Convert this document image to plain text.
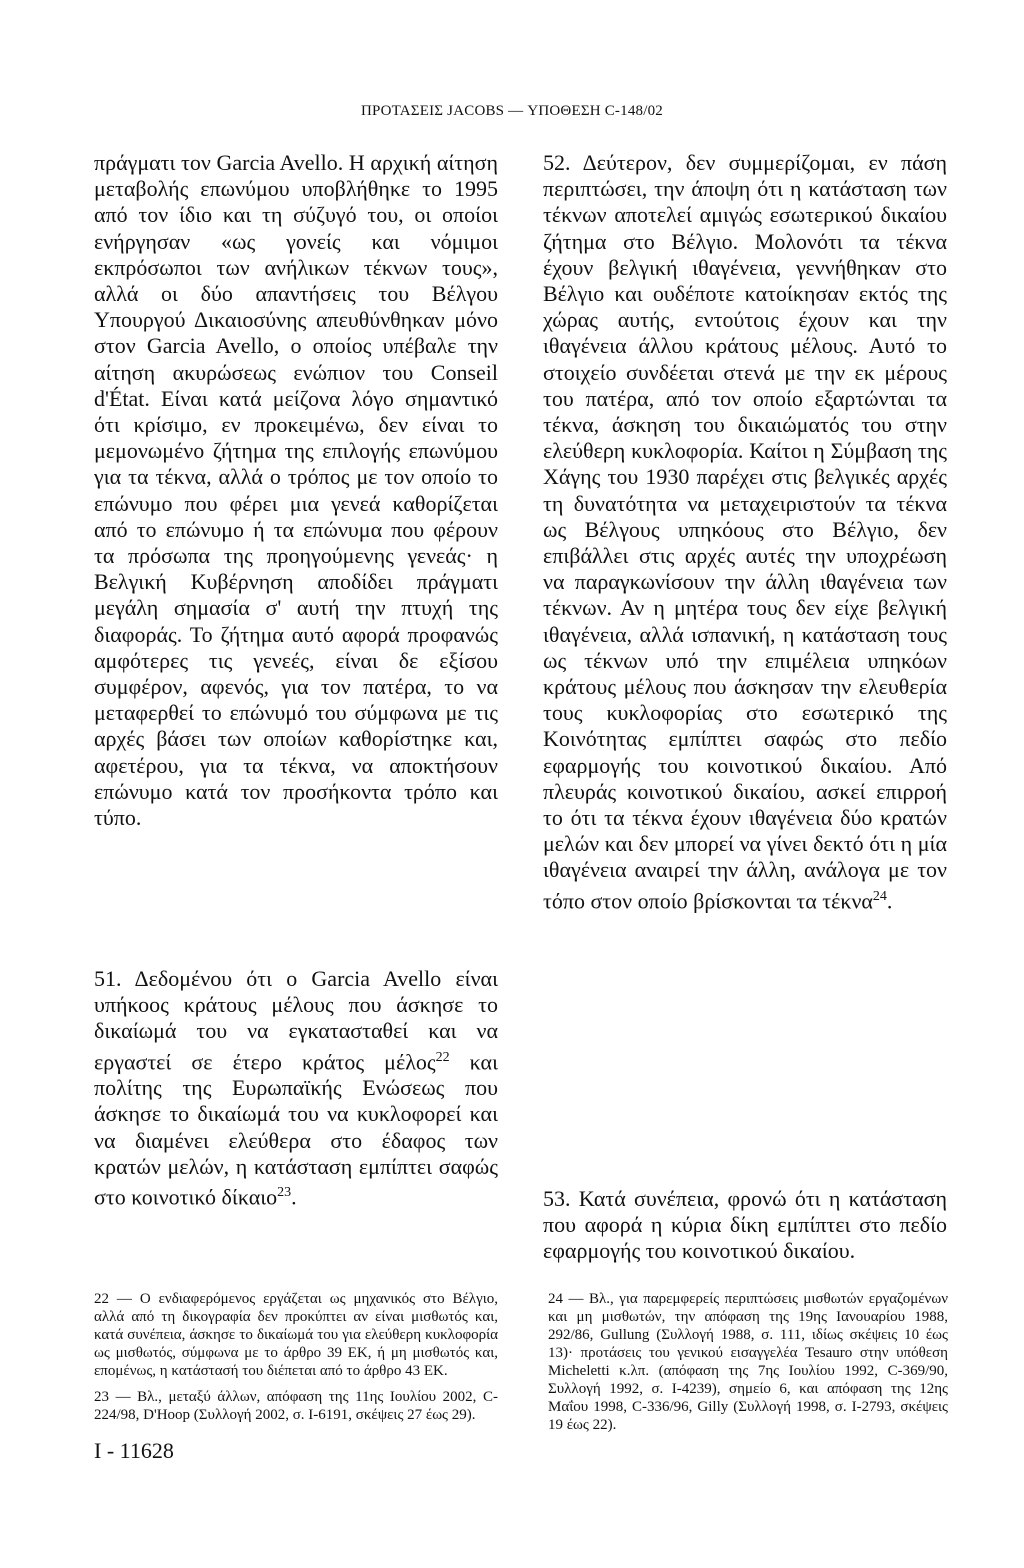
ΠΡΟΤΑΣΕΙΣ JACOBS — ΥΠΟΘΕΣΗ C-148/02

πράγματι τον Garcia Avello. Η αρχική αίτηση μεταβολής επωνύμου υποβλήθηκε το 1995 από τον ίδιο και τη σύζυγό του, οι οποίοι ενήργησαν «ως γονείς και νόμιμοι εκπρόσωποι των ανήλικων τέκνων τους», αλλά οι δύο απαντήσεις του Βέλγου Υπουργού Δικαιοσύνης απευθύνθηκαν μόνο στον Garcia Avello, ο οποίος υπέβαλε την αίτηση ακυρώσεως ενώπιον του Conseil d'État. Είναι κατά μείζονα λόγο σημαντικό ότι κρίσιμο, εν προκειμένω, δεν είναι το μεμονωμένο ζήτημα της επιλογής επωνύμου για τα τέκνα, αλλά ο τρόπος με τον οποίο το επώνυμο που φέρει μια γενεά καθορίζεται από το επώνυμο ή τα επώνυμα που φέρουν τα πρόσωπα της προηγούμενης γενεάς· η Βελγική Κυβέρνηση αποδίδει πράγματι μεγάλη σημασία σ' αυτή την πτυχή της διαφοράς. Το ζήτημα αυτό αφορά προφανώς αμφότερες τις γενεές, είναι δε εξίσου συμφέρον, αφενός, για τον πατέρα, το να μεταφερθεί το επώνυμό του σύμφωνα με τις αρχές βάσει των οποίων καθορίστηκε και, αφετέρου, για τα τέκνα, να αποκτήσουν επώνυμο κατά τον προσήκοντα τρόπο και τύπο.

51. Δεδομένου ότι ο Garcia Avello είναι υπήκοος κράτους μέλους που άσκησε το δικαίωμά του να εγκατασταθεί και να εργαστεί σε έτερο κράτος μέλος$^{22}$ και πολίτης της Ευρωπαϊκής Ενώσεως που άσκησε το δικαίωμά του να κυκλοφορεί και να διαμένει ελεύθερα στο έδαφος των κρατών μελών, η κατάσταση εμπίπτει σαφώς στο κοινοτικό δίκαιο$^{23}$.

52. Δεύτερον, δεν συμμερίζομαι, εν πάση περιπτώσει, την άποψη ότι η κατάσταση των τέκνων αποτελεί αμιγώς εσωτερικού δικαίου ζήτημα στο Βέλγιο. Μολονότι τα τέκνα έχουν βελγική ιθαγένεια, γεννήθηκαν στο Βέλγιο και ουδέποτε κατοίκησαν εκτός της χώρας αυτής, εντούτοις έχουν και την ιθαγένεια άλλου κράτους μέλους. Αυτό το στοιχείο συνδέεται στενά με την εκ μέρους του πατέρα, από τον οποίο εξαρτώνται τα τέκνα, άσκηση του δικαιώματός του στην ελεύθερη κυκλοφορία. Καίτοι η Σύμβαση της Χάγης του 1930 παρέχει στις βελγικές αρχές τη δυνατότητα να μεταχειριστούν τα τέκνα ως Βέλγους υπηκόους στο Βέλγιο, δεν επιβάλλει στις αρχές αυτές την υποχρέωση να παραγκωνίσουν την άλλη ιθαγένεια των τέκνων. Αν η μητέρα τους δεν είχε βελγική ιθαγένεια, αλλά ισπανική, η κατάσταση τους ως τέκνων υπό την επιμέλεια υπηκόων κράτους μέλους που άσκησαν την ελευθερία τους κυκλοφορίας στο εσωτερικό της Κοινότητας εμπίπτει σαφώς στο πεδίο εφαρμογής του κοινοτικού δικαίου. Από πλευράς κοινοτικού δικαίου, ασκεί επιρροή το ότι τα τέκνα έχουν ιθαγένεια δύο κρατών μελών και δεν μπορεί να γίνει δεκτό ότι η μία ιθαγένεια αναιρεί την άλλη, ανάλογα με τον τόπο στον οποίο βρίσκονται τα τέκνα$^{24}$.

53. Κατά συνέπεια, φρονώ ότι η κατάσταση που αφορά η κύρια δίκη εμπίπτει στο πεδίο εφαρμογής του κοινοτικού δικαίου.

22 — Ο ενδιαφερόμενος εργάζεται ως μηχανικός στο Βέλγιο, αλλά από τη δικογραφία δεν προκύπτει αν είναι μισθωτός και, κατά συνέπεια, άσκησε το δικαίωμά του για ελεύθερη κυκλοφορία ως μισθωτός, σύμφωνα με το άρθρο 39 ΕΚ, ή μη μισθωτός και, επομένως, η κατάστασή του διέπεται από το άρθρο 43 ΕΚ.
23 — Βλ., μεταξύ άλλων, απόφαση της 11ης Ιουλίου 2002, C-224/98, D'Hoop (Συλλογή 2002, σ. I-6191, σκέψεις 27 έως 29).
24 — Βλ., για παρεμφερείς περιπτώσεις μισθωτών εργαζομένων και μη μισθωτών, την απόφαση της 19ης Ιανουαρίου 1988, 292/86, Gullung (Συλλογή 1988, σ. 111, ιδίως σκέψεις 10 έως 13)· προτάσεις του γενικού εισαγγελέα Tesauro στην υπόθεση Micheletti κ.λπ. (απόφαση της 7ης Ιουλίου 1992, C-369/90, Συλλογή 1992, σ. I-4239), σημείο 6, και απόφαση της 12ης Μαΐου 1998, C-336/96, Gilly (Συλλογή 1998, σ. I-2793, σκέψεις 19 έως 22).
I - 11628
